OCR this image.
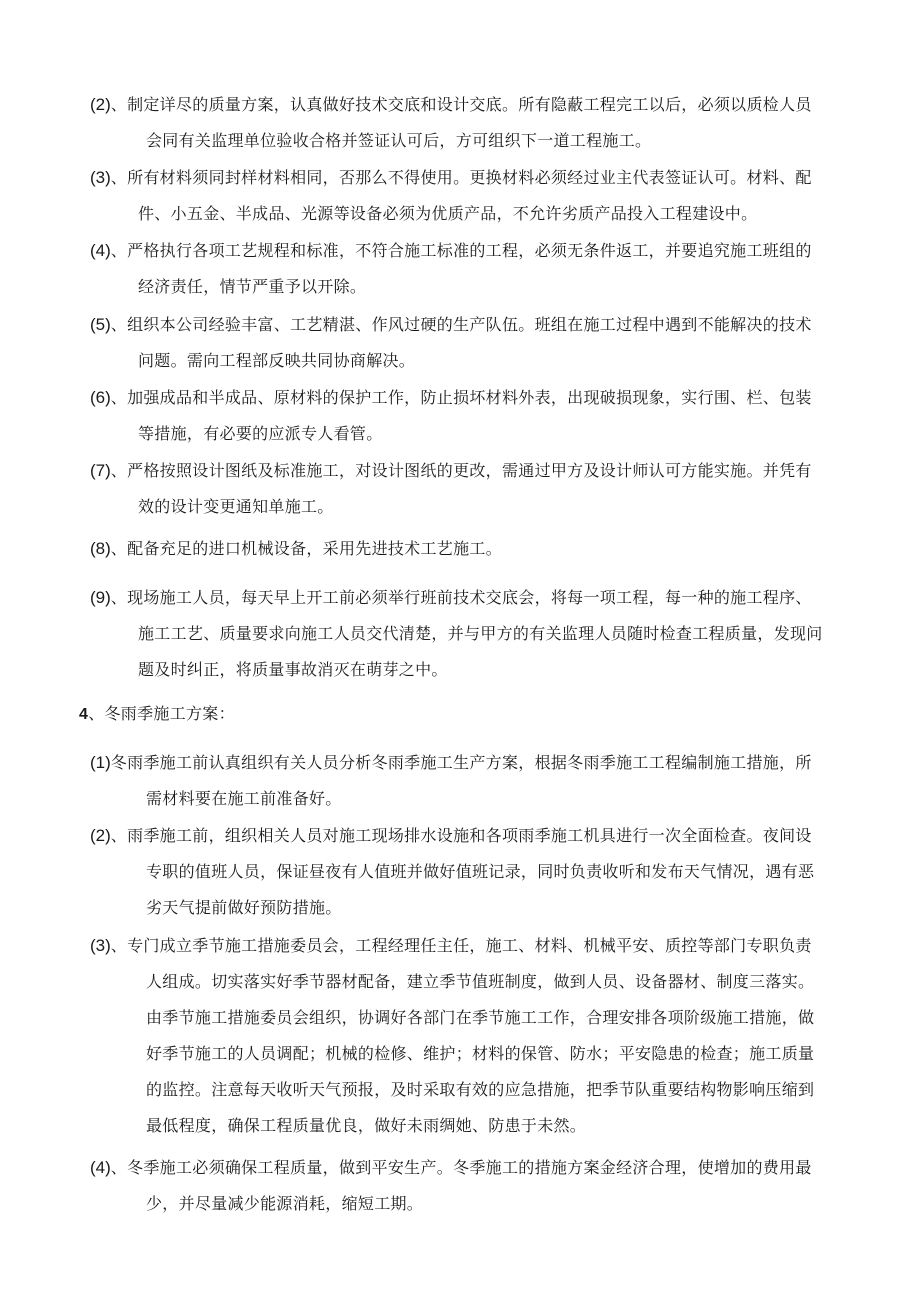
(2)、制定详尽的质量方案，认真做好技术交底和设计交底。所有隐蔽工程完工以后，必须以质检人员
会同有关监理单位验收合格并签证认可后，方可组织下一道工程施工。
(3)、所有材料须同封样材料相同，否那么不得使用。更换材料必须经过业主代表签证认可。材料、配
件、小五金、半成品、光源等设备必须为优质产品，不允许劣质产品投入工程建设中。
(4)、严格执行各项工艺规程和标准，不符合施工标准的工程，必须无条件返工，并要追究施工班组的
经济责任，情节严重予以开除。
(5)、组织本公司经验丰富、工艺精湛、作风过硬的生产队伍。班组在施工过程中遇到不能解决的技术
问题。需向工程部反映共同协商解决。
(6)、加强成品和半成品、原材料的保护工作，防止损坏材料外表，出现破损现象，实行围、栏、包装
等措施，有必要的应派专人看管。
(7)、严格按照设计图纸及标准施工，对设计图纸的更改，需通过甲方及设计师认可方能实施。并凭有
效的设计变更通知单施工。
(8)、配备充足的进口机械设备，采用先进技术工艺施工。
(9)、现场施工人员，每天早上开工前必须举行班前技术交底会，将每一项工程，每一种的施工程序、
施工工艺、质量要求向施工人员交代清楚，并与甲方的有关监理人员随时检查工程质量，发现问
题及时纠正，将质量事故消灭在萌芽之中。
4、冬雨季施工方案：
(1)冬雨季施工前认真组织有关人员分析冬雨季施工生产方案，根据冬雨季施工工程编制施工措施，所
需材料要在施工前准备好。
(2)、雨季施工前，组织相关人员对施工现场排水设施和各项雨季施工机具进行一次全面检查。夜间设
专职的值班人员，保证昼夜有人值班并做好值班记录，同时负责收听和发布天气情况，遇有恶
劣天气提前做好预防措施。
(3)、专门成立季节施工措施委员会，工程经理任主任，施工、材料、机械平安、质控等部门专职负责
人组成。切实落实好季节器材配备，建立季节值班制度，做到人员、设备器材、制度三落实。
由季节施工措施委员会组织，协调好各部门在季节施工工作，合理安排各项阶级施工措施，做
好季节施工的人员调配；机械的检修、维护；材料的保管、防水；平安隐患的检查；施工质量
的监控。注意每天收听天气预报，及时采取有效的应急措施，把季节队重要结构物影响压缩到
最低程度，确保工程质量优良，做好未雨绸她、防患于未然。
(4)、冬季施工必须确保工程质量，做到平安生产。冬季施工的措施方案金经济合理，使增加的费用最
少，并尽量减少能源消耗，缩短工期。
